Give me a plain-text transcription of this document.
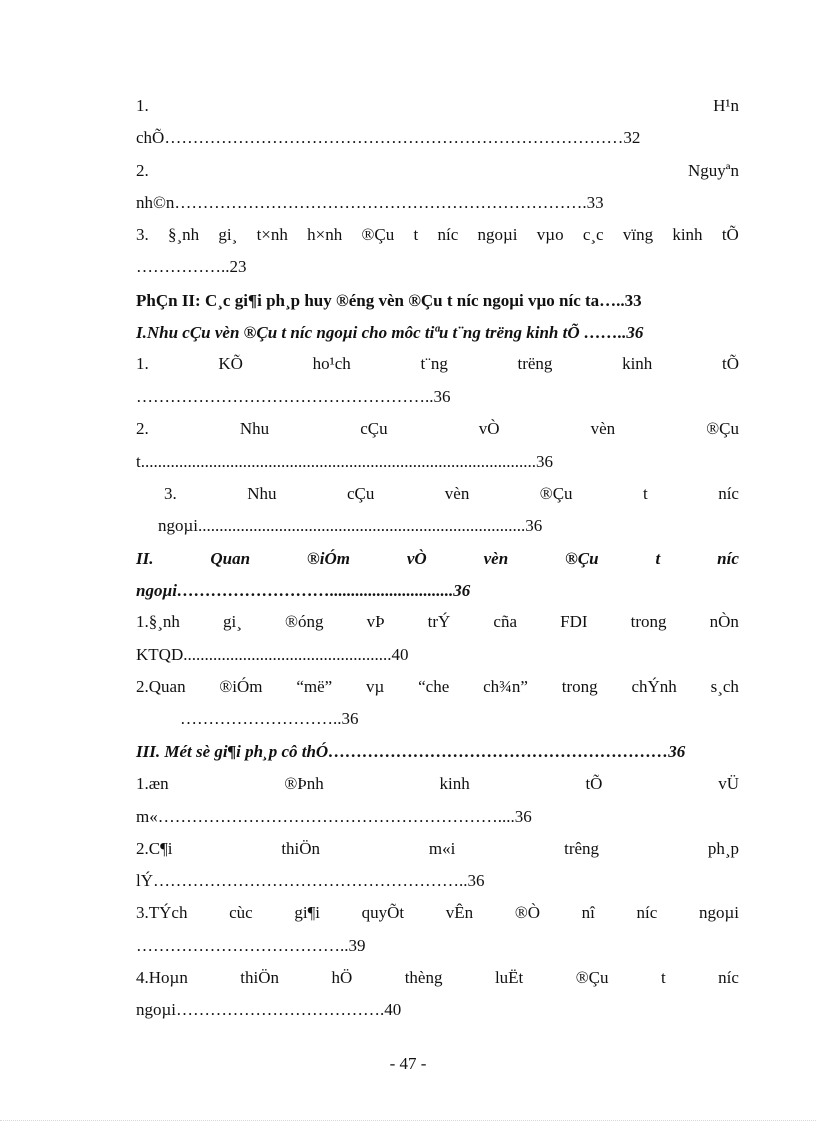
1.	H¹n
chÕ………………………………………………………………………32
2.	Nguyªn
nh©n……………………………………………………………….33
3. §¸nh gi¸ t×nh h×nh ®Çu t níc ngoµi vµo c¸c vïng kinh tÕ
……………..23
PhÇn II: C¸c gi¶i ph¸p huy ®éng vèn ®Çu t níc ngoµi vµo níc ta…..33
I.Nhu cÇu vèn ®Çu t níc ngoµi cho môc tiªu t¨ng trëng kinh tÕ ……..36
1.	KÕ	ho¹ch	t¨ng	trëng	kinh	tÕ
……………………………………………..36
2.	Nhu	cÇu	vÒ	vèn	®Çu
t.............................................................................................36
3.	Nhu	cÇu	vèn	®Çu	t	níc
ngoµi.............................................................................36
II.	Quan	®iÓm	vÒ	vèn	®Çu	t	níc
ngoµi……………………….............................36
1.§¸nh	gi¸	®óng	vÞ	trÝ	cña	FDI	trong	nÒn
KTQD.................................................40
2.Quan ®iÓm “më” vµ “che ch¾n” trong chÝnh s¸ch
………………………..36
III. Mét sè gi¶i ph¸p cô thÓ……………………………………………………36
1.æn	®Þnh	kinh	tÕ	vÜ
m«……………………………………………………....36
2.C¶i	thiÖn	m«i	trêng	ph¸p
lÝ………………………………………………..36
3.TÝch cùc gi¶i quyÕt vÊn ®Ò nî níc ngoµi
………………………………..39
4.Hoµn	thiÖn	hÖ	thèng	luËt	®Çu	t	níc
ngoµi……………………………….40
- 47 -
